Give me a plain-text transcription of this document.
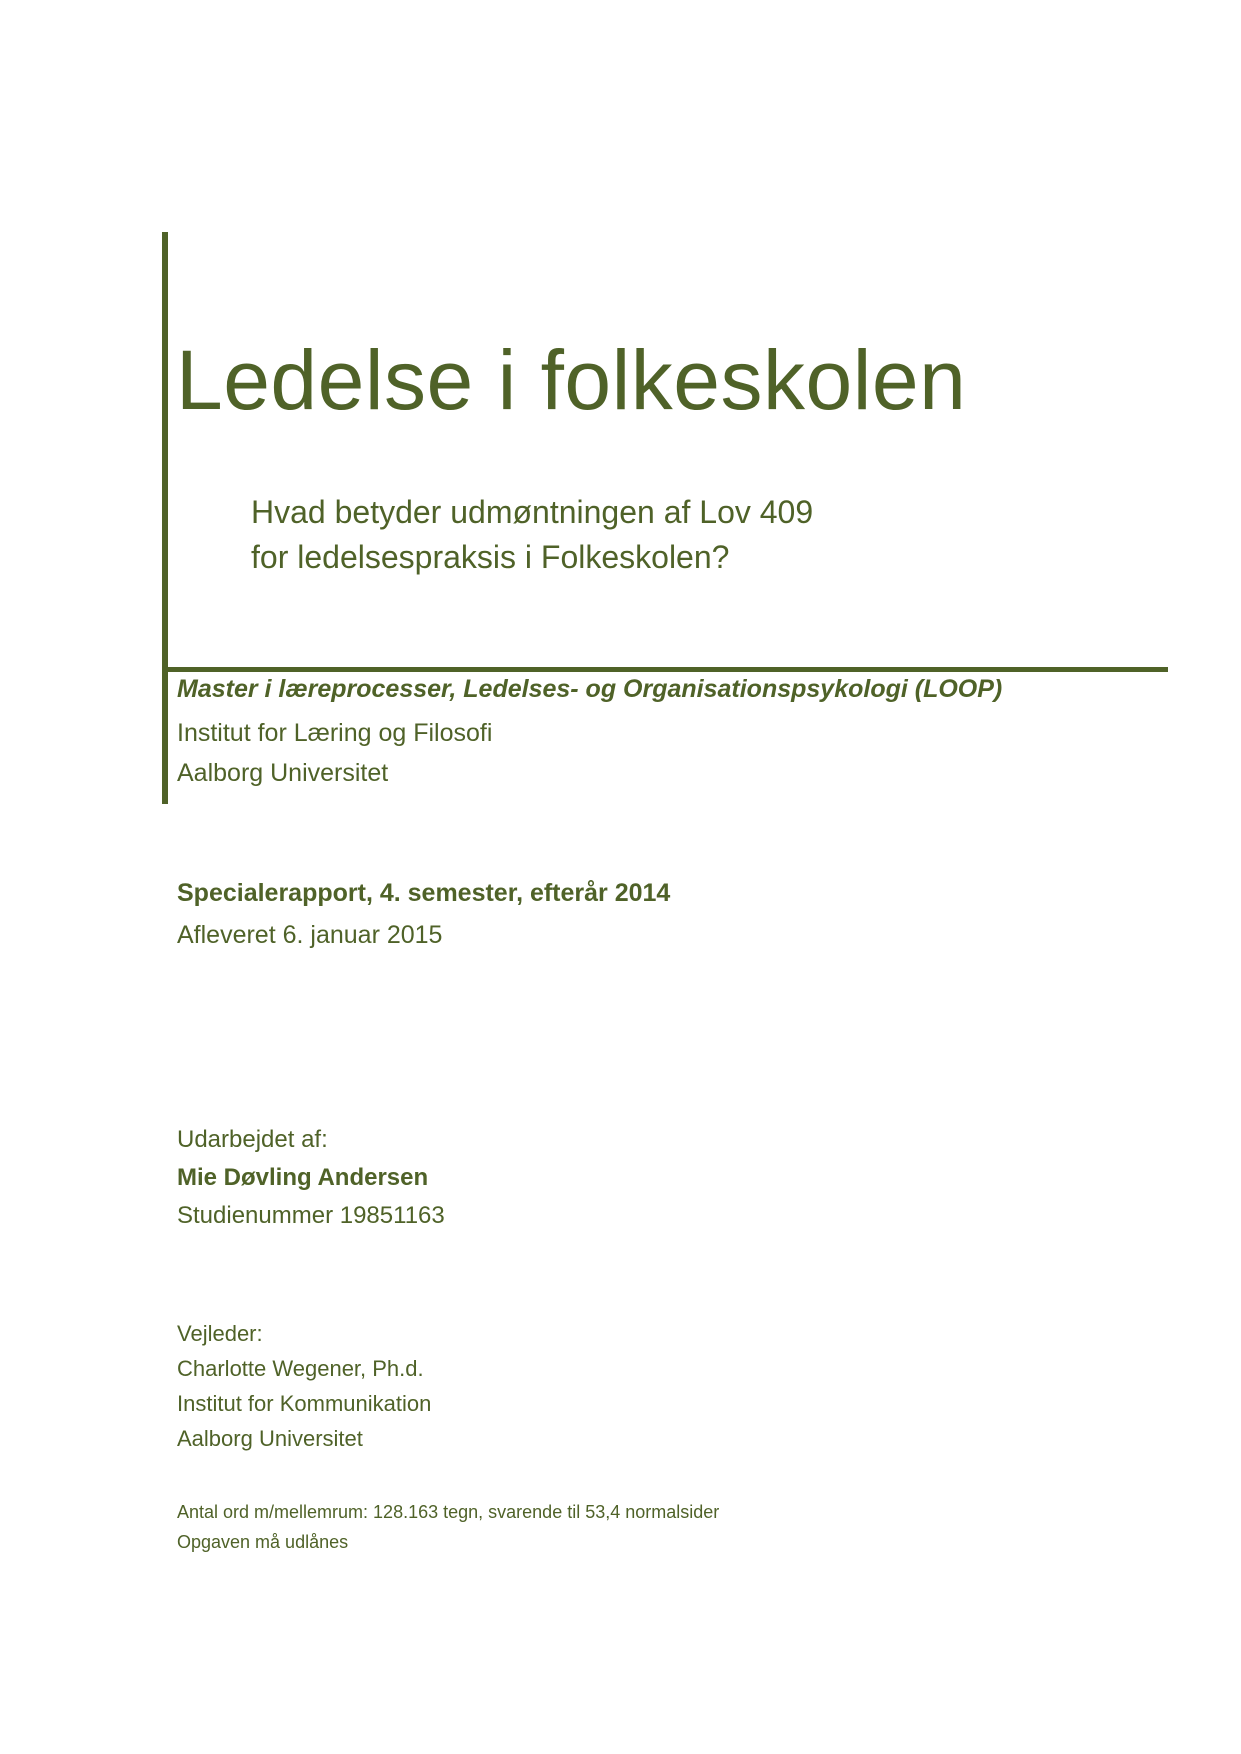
Ledelse i folkeskolen

Hvad betyder udmøntningen af Lov 409

for ledelsespraksis i Folkeskolen?

Master i læreprocesser, Ledelses- og Organisationspsykologi (LOOP)

Institut for Læring og Filosofi

Aalborg Universitet

Specialerapport, 4. semester, efterår 2014

Afleveret 6. januar 2015

Udarbejdet af:

Mie Døvling Andersen

Studienummer 19851163

Vejleder:

Charlotte Wegener, Ph.d.

Institut for Kommunikation

Aalborg Universitet

Antal ord m/mellemrum: 128.163 tegn, svarende til 53,4 normalsider

Opgaven må udlånes
